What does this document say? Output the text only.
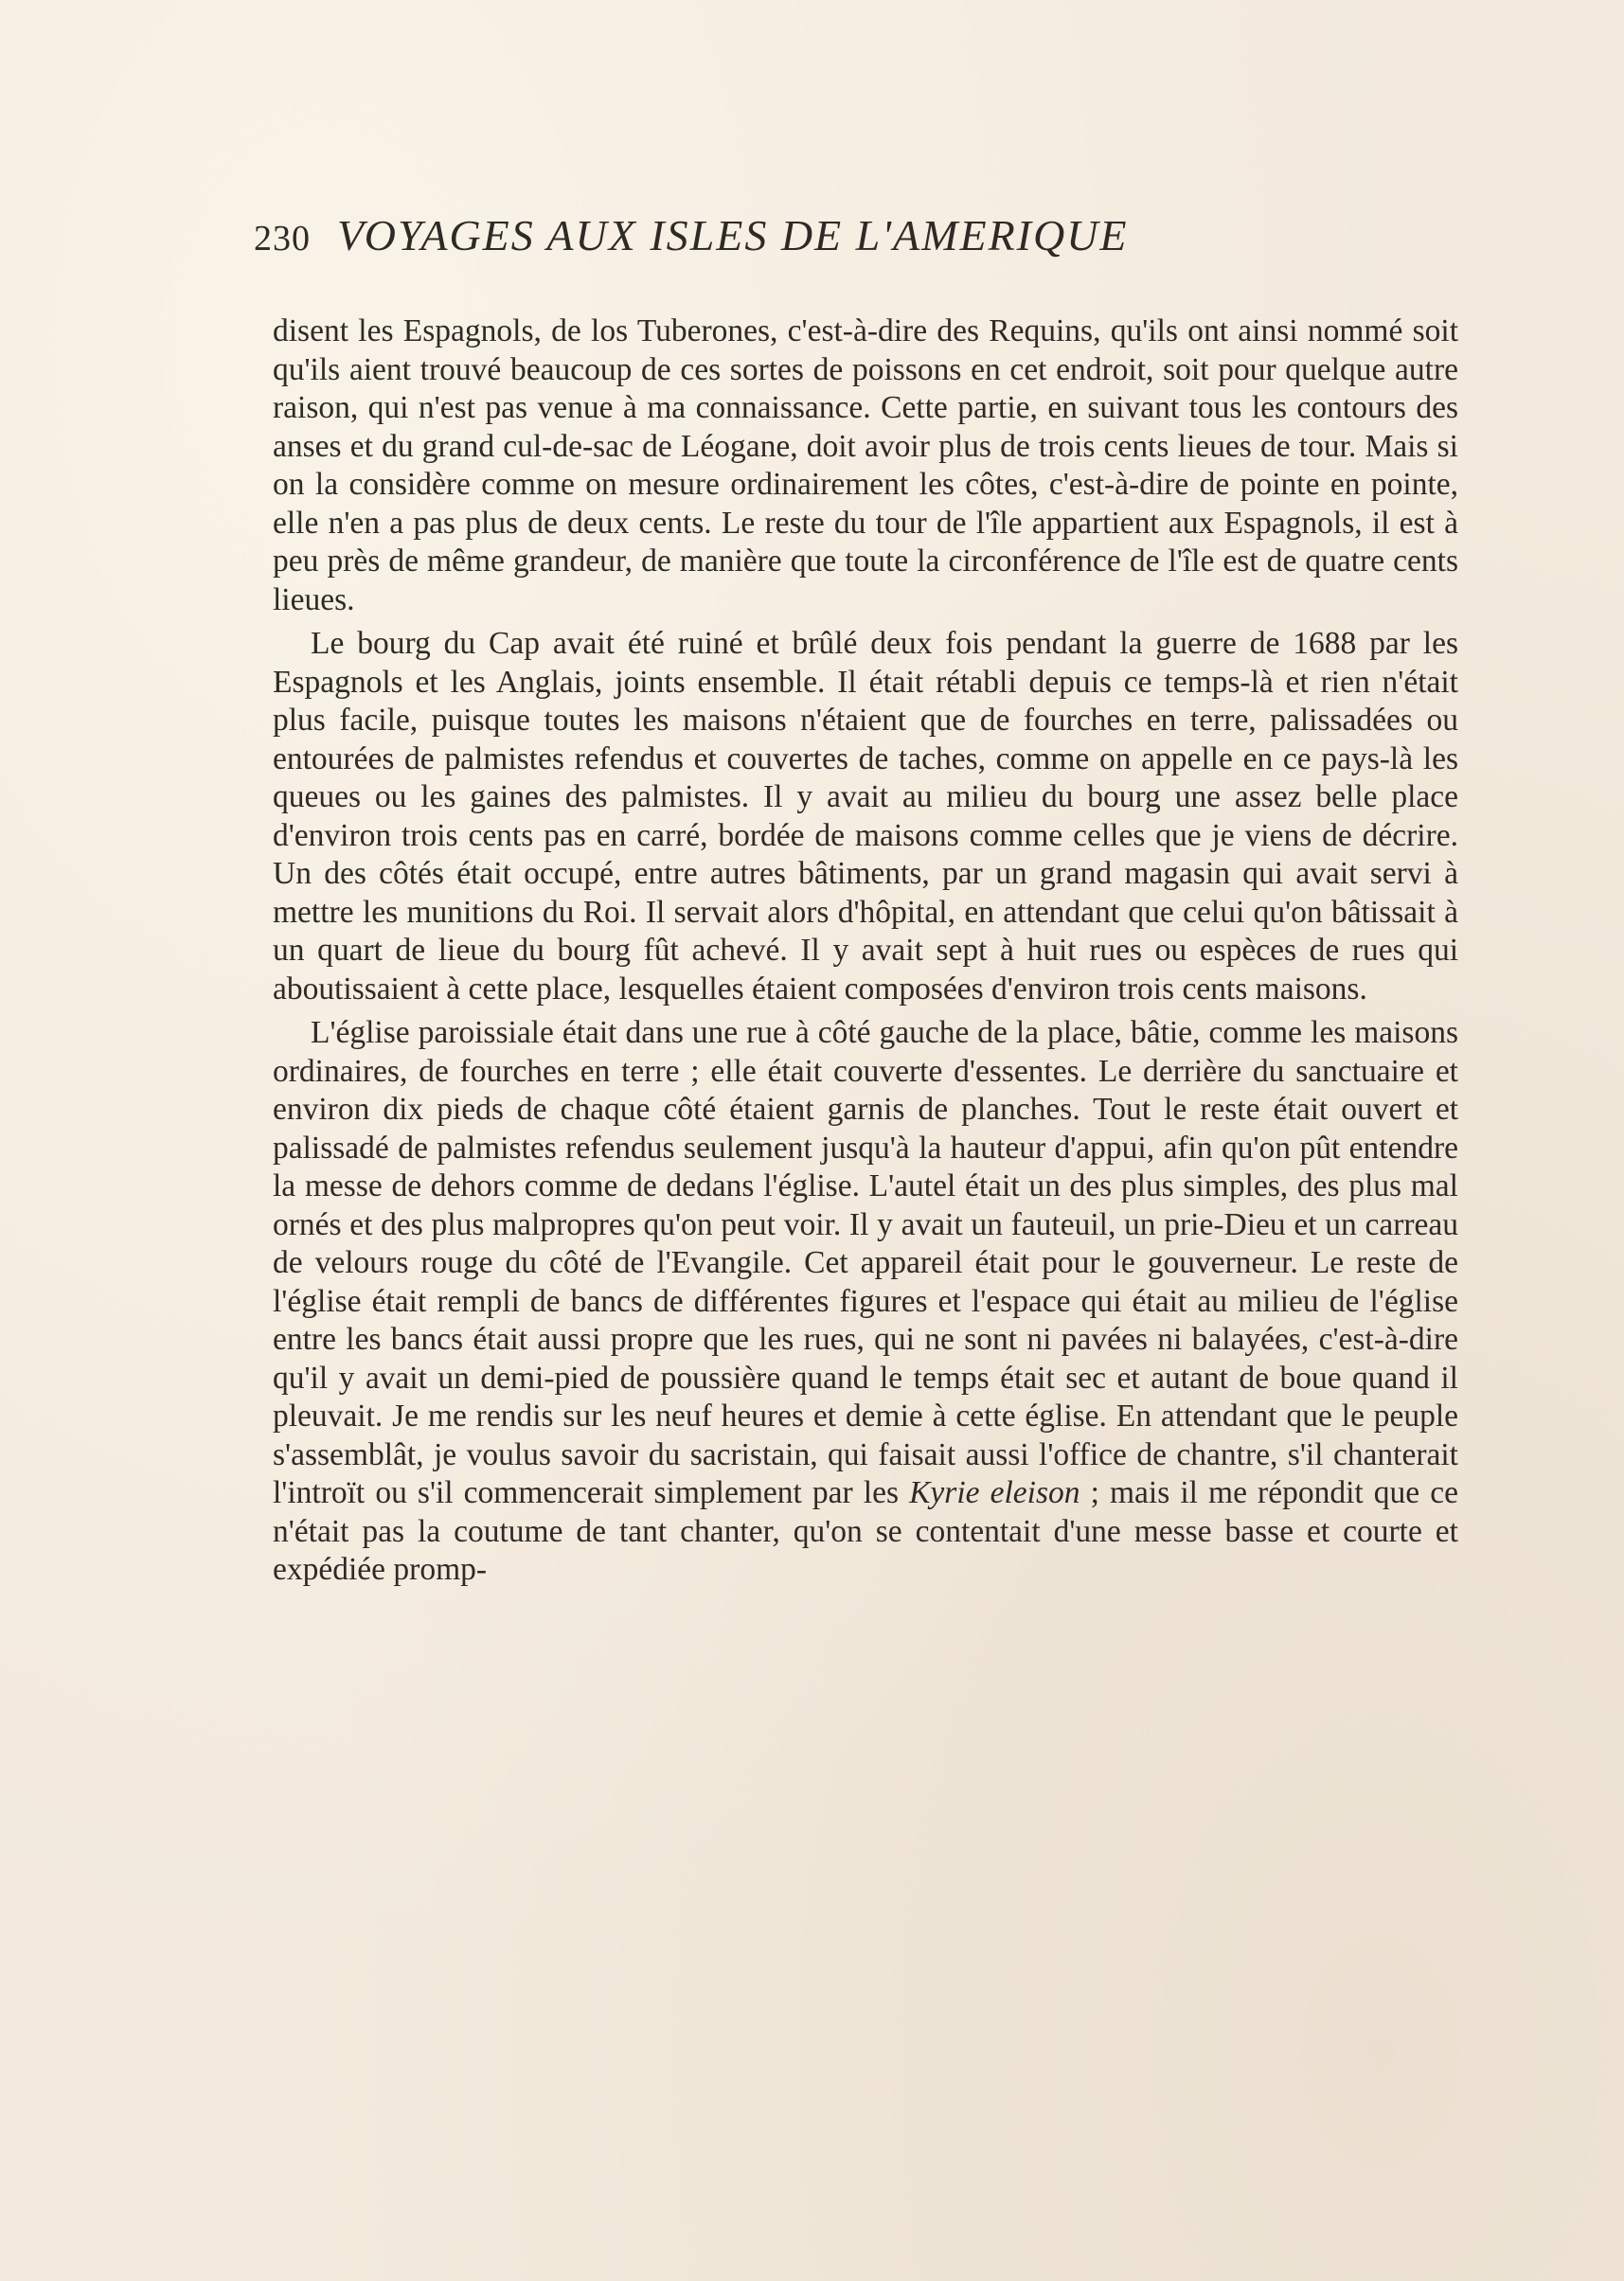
230 VOYAGES AUX ISLES DE L'AMERIQUE

disent les Espagnols, de los Tuberones, c'est-à-dire des Requins, qu'ils ont ainsi nommé soit qu'ils aient trouvé beaucoup de ces sortes de poissons en cet endroit, soit pour quelque autre raison, qui n'est pas venue à ma connaissance. Cette partie, en suivant tous les contours des anses et du grand cul-de-sac de Léogane, doit avoir plus de trois cents lieues de tour. Mais si on la considère comme on mesure ordinairement les côtes, c'est-à-dire de pointe en pointe, elle n'en a pas plus de deux cents. Le reste du tour de l'île appartient aux Espagnols, il est à peu près de même grandeur, de manière que toute la circonférence de l'île est de quatre cents lieues.

Le bourg du Cap avait été ruiné et brûlé deux fois pendant la guerre de 1688 par les Espagnols et les Anglais, joints ensemble. Il était rétabli depuis ce temps-là et rien n'était plus facile, puisque toutes les maisons n'étaient que de fourches en terre, palissadées ou entourées de palmistes refendus et couvertes de taches, comme on appelle en ce pays-là les queues ou les gaines des palmistes. Il y avait au milieu du bourg une assez belle place d'environ trois cents pas en carré, bordée de maisons comme celles que je viens de décrire. Un des côtés était occupé, entre autres bâtiments, par un grand magasin qui avait servi à mettre les munitions du Roi. Il servait alors d'hôpital, en attendant que celui qu'on bâtissait à un quart de lieue du bourg fût achevé. Il y avait sept à huit rues ou espèces de rues qui aboutissaient à cette place, lesquelles étaient composées d'environ trois cents maisons.

L'église paroissiale était dans une rue à côté gauche de la place, bâtie, comme les maisons ordinaires, de fourches en terre ; elle était couverte d'essentes. Le derrière du sanctuaire et environ dix pieds de chaque côté étaient garnis de planches. Tout le reste était ouvert et palissadé de palmistes refendus seulement jusqu'à la hauteur d'appui, afin qu'on pût entendre la messe de dehors comme de dedans l'église. L'autel était un des plus simples, des plus mal ornés et des plus malpropres qu'on peut voir. Il y avait un fauteuil, un prie-Dieu et un carreau de velours rouge du côté de l'Evangile. Cet appareil était pour le gouverneur. Le reste de l'église était rempli de bancs de différentes figures et l'espace qui était au milieu de l'église entre les bancs était aussi propre que les rues, qui ne sont ni pavées ni balayées, c'est-à-dire qu'il y avait un demi-pied de poussière quand le temps était sec et autant de boue quand il pleuvait. Je me rendis sur les neuf heures et demie à cette église. En attendant que le peuple s'assemblât, je voulus savoir du sacristain, qui faisait aussi l'office de chantre, s'il chanterait l'introït ou s'il commencerait simplement par les Kyrie eleison ; mais il me répondit que ce n'était pas la coutume de tant chanter, qu'on se contentait d'une messe basse et courte et expédiée promp-
